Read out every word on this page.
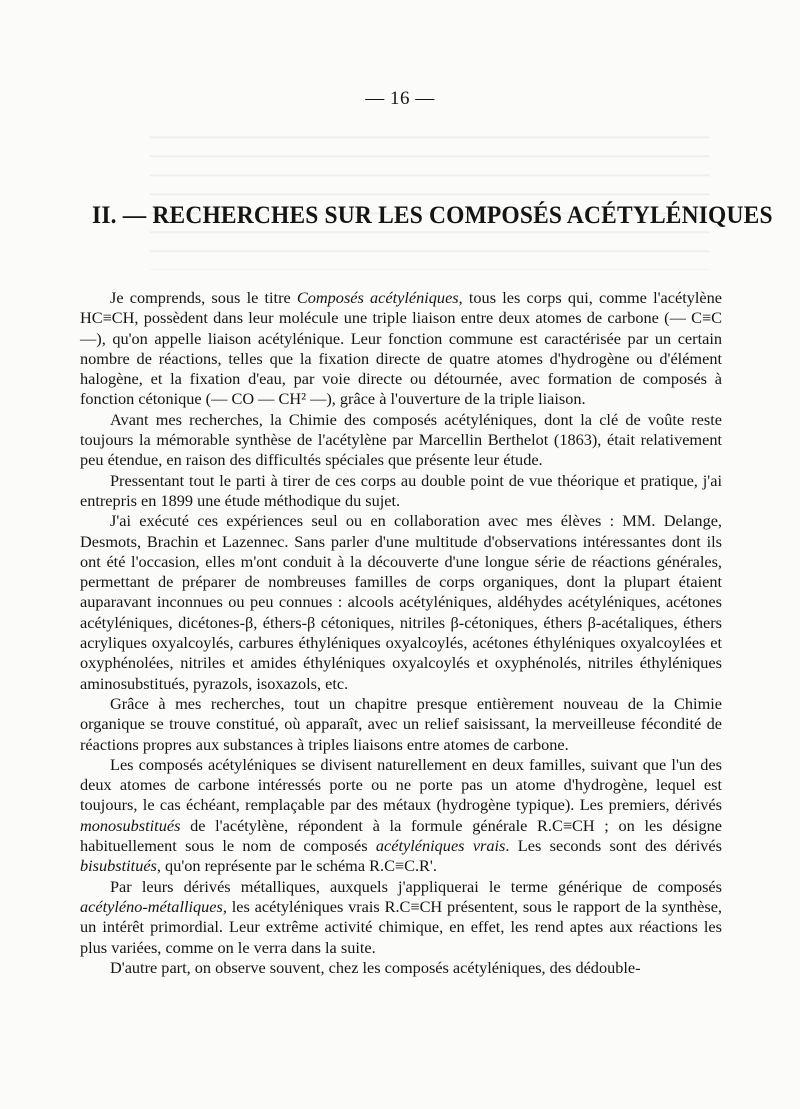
— 16 —
II. — RECHERCHES SUR LES COMPOSÉS ACÉTYLÉNIQUES

Je comprends, sous le titre Composés acétyléniques, tous les corps qui, comme l'acétylène HC≡CH, possèdent dans leur molécule une triple liaison entre deux atomes de carbone (— C≡C —), qu'on appelle liaison acétylénique. Leur fonction commune est caractérisée par un certain nombre de réactions, telles que la fixation directe de quatre atomes d'hydrogène ou d'élément halogène, et la fixation d'eau, par voie directe ou détournée, avec formation de composés à fonction cétonique (— CO — CH² —), grâce à l'ouverture de la triple liaison.

Avant mes recherches, la Chimie des composés acétyléniques, dont la clé de voûte reste toujours la mémorable synthèse de l'acétylène par Marcellin Berthelot (1863), était relativement peu étendue, en raison des difficultés spéciales que présente leur étude.

Pressentant tout le parti à tirer de ces corps au double point de vue théorique et pratique, j'ai entrepris en 1899 une étude méthodique du sujet.

J'ai exécuté ces expériences seul ou en collaboration avec mes élèves : MM. Delange, Desmots, Brachin et Lazennec. Sans parler d'une multitude d'observations intéressantes dont ils ont été l'occasion, elles m'ont conduit à la découverte d'une longue série de réactions générales, permettant de préparer de nombreuses familles de corps organiques, dont la plupart étaient auparavant inconnues ou peu connues : alcools acétyléniques, aldéhydes acétyléniques, acétones acétyléniques, dicétones-β, éthers-β cétoniques, nitriles β-cétoniques, éthers β-acétaliques, éthers acryliques oxyalcoylés, carbures éthyléniques oxyalcoylés, acétones éthyléniques oxyalcoylées et oxyphénolées, nitriles et amides éthyléniques oxyalcoylés et oxyphénolés, nitriles éthyléniques aminosubstitués, pyrazols, isoxazols, etc.

Grâce à mes recherches, tout un chapitre presque entièrement nouveau de la Chimie organique se trouve constitué, où apparaît, avec un relief saisissant, la merveilleuse fécondité de réactions propres aux substances à triples liaisons entre atomes de carbone.

Les composés acétyléniques se divisent naturellement en deux familles, suivant que l'un des deux atomes de carbone intéressés porte ou ne porte pas un atome d'hydrogène, lequel est toujours, le cas échéant, remplaçable par des métaux (hydrogène typique). Les premiers, dérivés monosubstitués de l'acétylène, répondent à la formule générale R.C≡CH ; on les désigne habituellement sous le nom de composés acétyléniques vrais. Les seconds sont des dérivés bisubstitués, qu'on représente par le schéma R.C≡C.R'.

Par leurs dérivés métalliques, auxquels j'appliquerai le terme générique de composés acétyléno-métalliques, les acétyléniques vrais R.C≡CH présentent, sous le rapport de la synthèse, un intérêt primordial. Leur extrême activité chimique, en effet, les rend aptes aux réactions les plus variées, comme on le verra dans la suite.

D'autre part, on observe souvent, chez les composés acétyléniques, des dédouble-
